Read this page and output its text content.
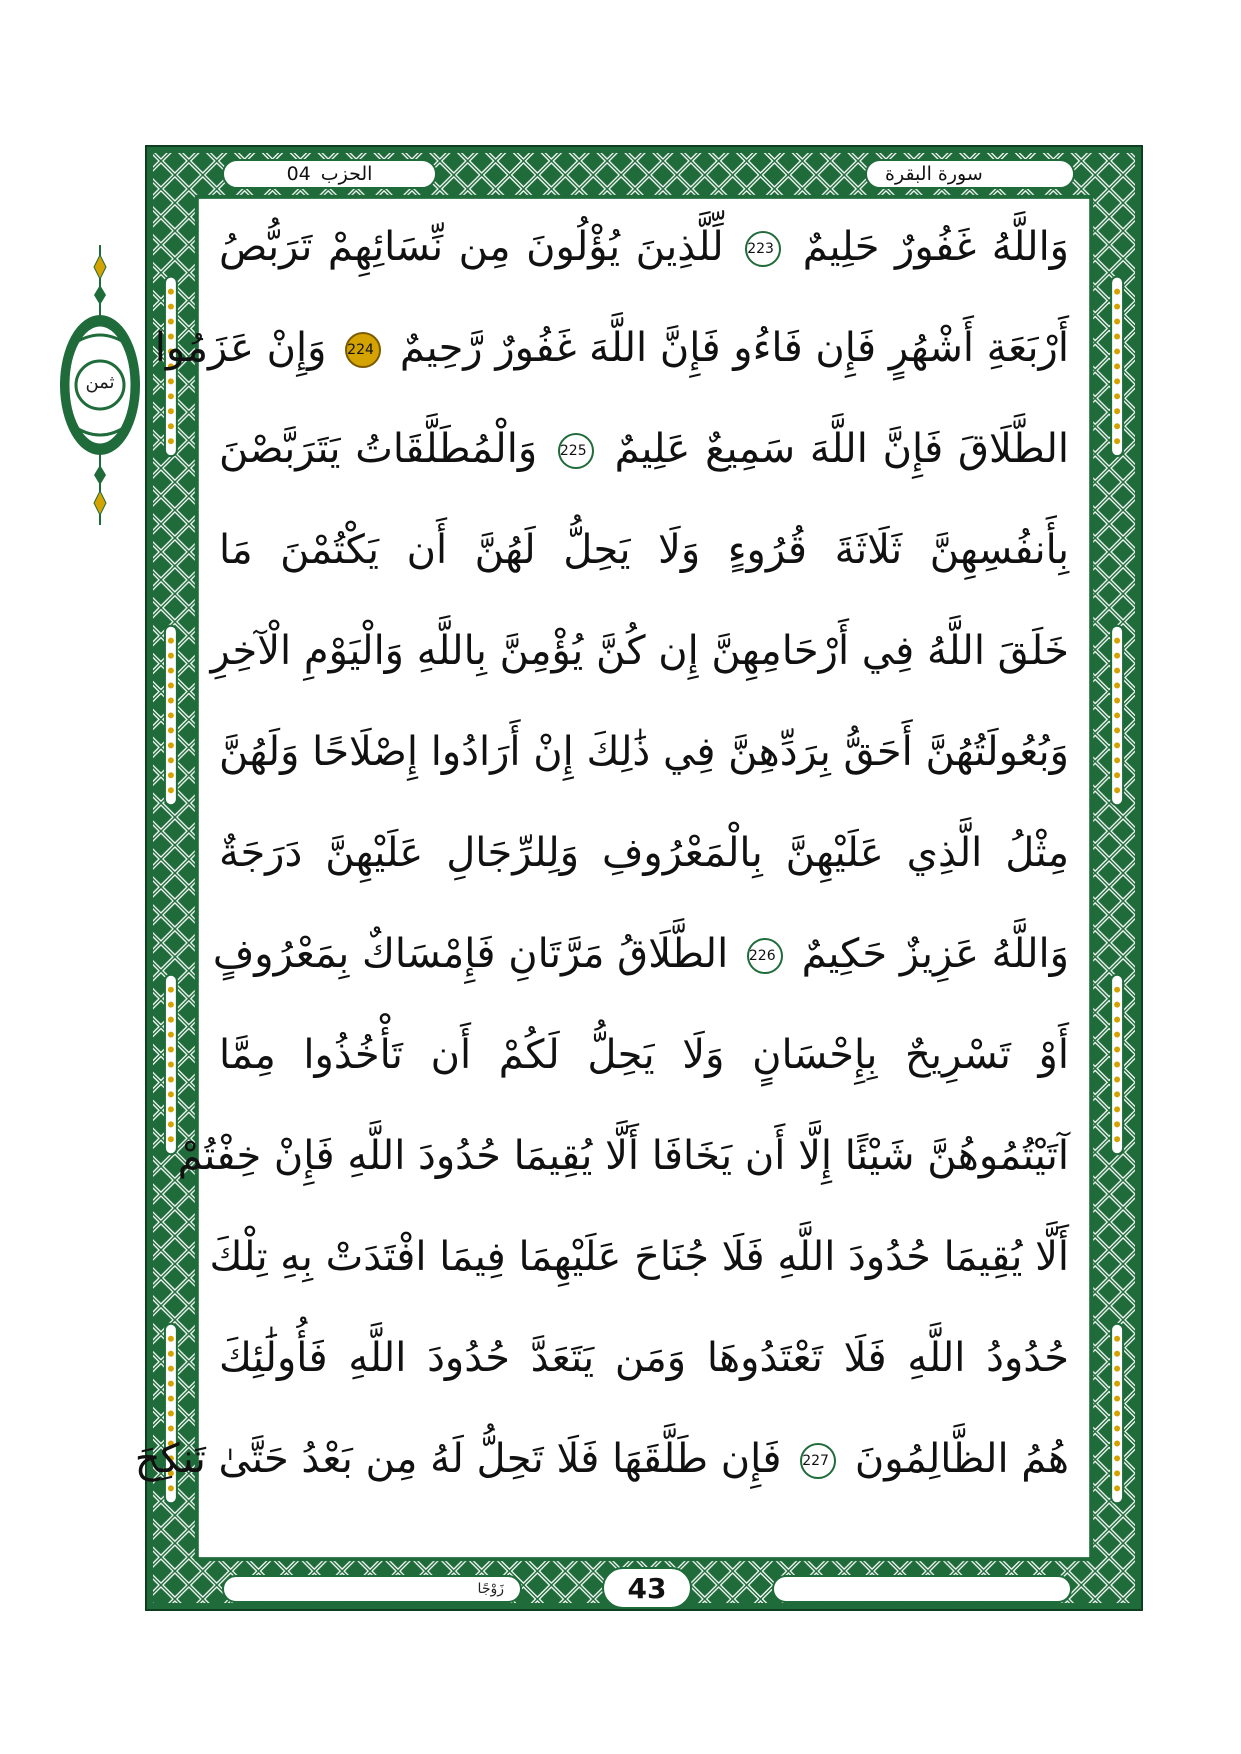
ثمن
الحزب
04	سورة البقرة
وَاللَّهُ غَفُورٌ حَلِيمٌ 223 لِّلَّذِينَ يُؤْلُونَ مِن نِّسَائِهِمْ تَرَبُّصُ
أَرْبَعَةِ أَشْهُرٍ فَإِن فَاءُو فَإِنَّ اللَّهَ غَفُورٌ رَّحِيمٌ 224 وَإِنْ عَزَمُوا
الطَّلَاقَ فَإِنَّ اللَّهَ سَمِيعٌ عَلِيمٌ 225 وَالْمُطَلَّقَاتُ يَتَرَبَّصْنَ
بِأَنفُسِهِنَّ ثَلَاثَةَ قُرُوءٍ وَلَا يَحِلُّ لَهُنَّ أَن يَكْتُمْنَ مَا
خَلَقَ اللَّهُ فِي أَرْحَامِهِنَّ إِن كُنَّ يُؤْمِنَّ بِاللَّهِ وَالْيَوْمِ الْآخِرِ
وَبُعُولَتُهُنَّ أَحَقُّ بِرَدِّهِنَّ فِي ذَٰلِكَ إِنْ أَرَادُوا إِصْلَاحًا وَلَهُنَّ
مِثْلُ الَّذِي عَلَيْهِنَّ بِالْمَعْرُوفِ وَلِلرِّجَالِ عَلَيْهِنَّ دَرَجَةٌ
وَاللَّهُ عَزِيزٌ حَكِيمٌ 226 الطَّلَاقُ مَرَّتَانِ فَإِمْسَاكٌ بِمَعْرُوفٍ
أَوْ تَسْرِيحٌ بِإِحْسَانٍ وَلَا يَحِلُّ لَكُمْ أَن تَأْخُذُوا مِمَّا
آتَيْتُمُوهُنَّ شَيْئًا إِلَّا أَن يَخَافَا أَلَّا يُقِيمَا حُدُودَ اللَّهِ فَإِنْ خِفْتُمْ
أَلَّا يُقِيمَا حُدُودَ اللَّهِ فَلَا جُنَاحَ عَلَيْهِمَا فِيمَا افْتَدَتْ بِهِ تِلْكَ
حُدُودُ اللَّهِ فَلَا تَعْتَدُوهَا وَمَن يَتَعَدَّ حُدُودَ اللَّهِ فَأُولَٰئِكَ
هُمُ الظَّالِمُونَ 227 فَإِن طَلَّقَهَا فَلَا تَحِلُّ لَهُ مِن بَعْدُ حَتَّىٰ تَنكِحَ
زَوْجًا	43
